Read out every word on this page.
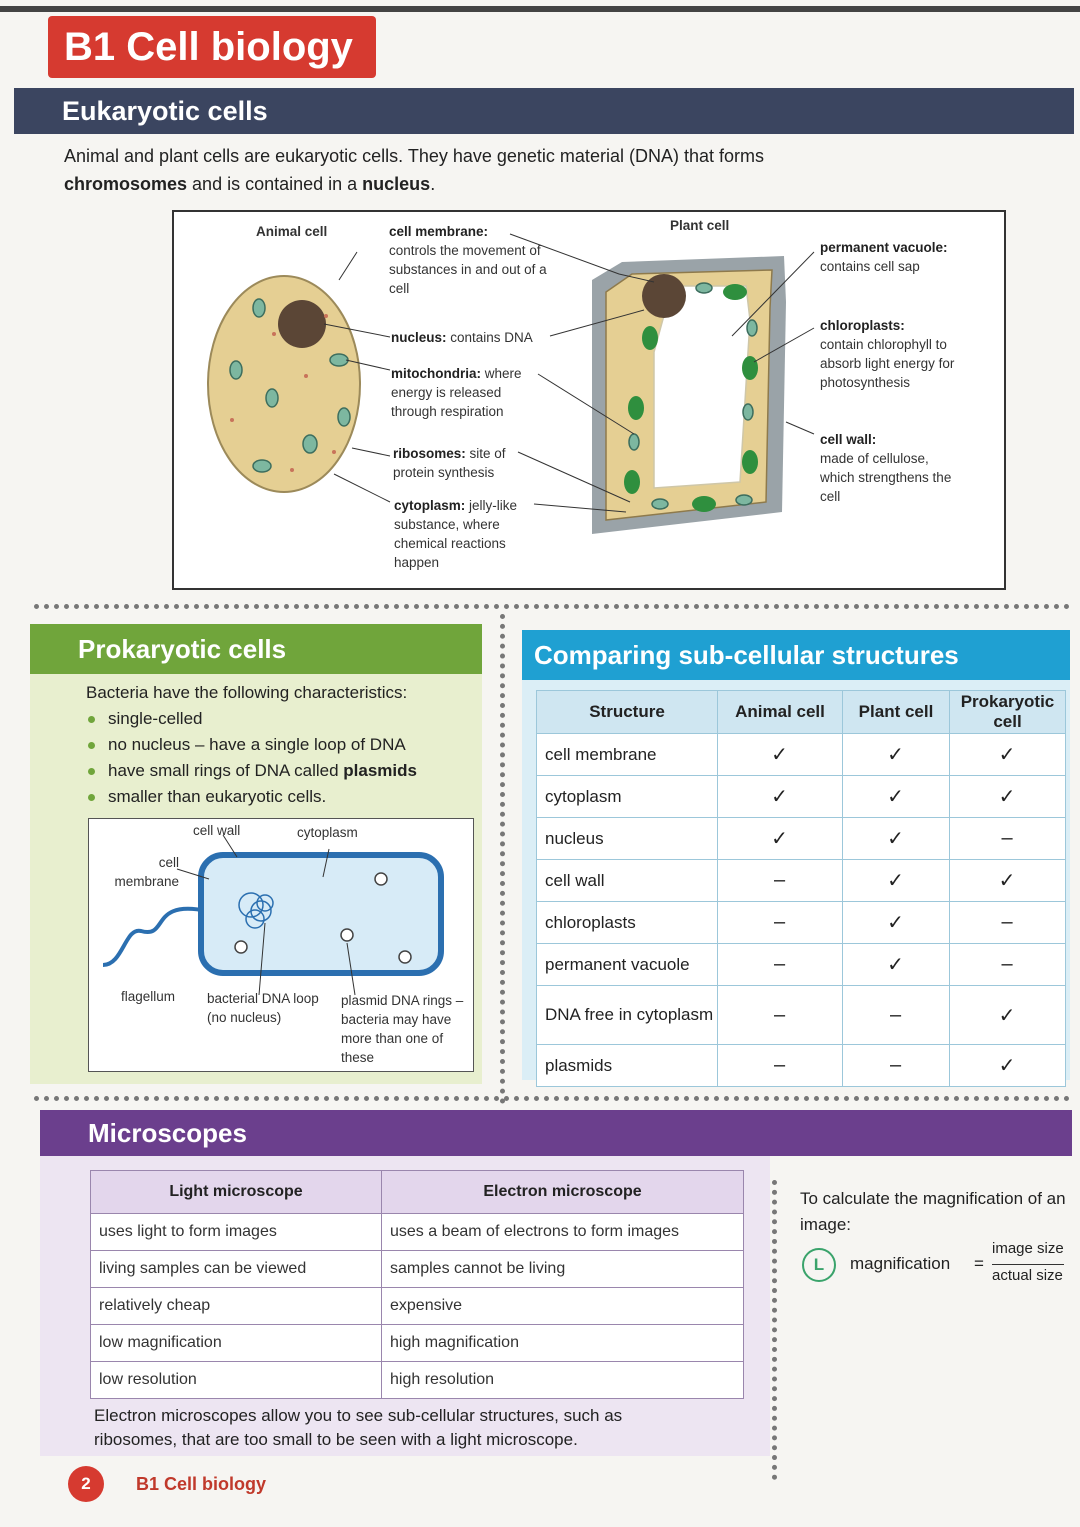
B1 Cell biology
Eukaryotic cells
Animal and plant cells are eukaryotic cells. They have genetic material (DNA) that forms
chromosomes and is contained in a nucleus.
Animal cell	Plant cell
cell membrane:
controls the movement of substances in and out of a cell
nucleus: contains DNA
mitochondria: where energy is released through respiration
ribosomes: site of protein synthesis
cytoplasm: jelly-like substance, where chemical reactions happen
permanent vacuole:
contains cell sap
chloroplasts:
contain chlorophyll to absorb light energy for photosynthesis
cell wall:
made of cellulose, which strengthens the cell
Prokaryotic cells
Bacteria have the following characteristics:
single-celled
no nucleus – have a single loop of DNA
have small rings of DNA called plasmids
smaller than eukaryotic cells.
cell wall	cytoplasm
cell membrane
flagellum bacterial DNA loop (no nucleus)
plasmid DNA rings – bacteria may have more than one of these
Comparing sub-cellular structures
Structure	Animal cell	Plant cell	Prokaryotic cell
cell membrane	✓	✓	✓
cytoplasm	✓	✓	✓
nucleus	✓	✓	–
cell wall	–	✓	✓
chloroplasts	–	✓	–
permanent vacuole	–	✓	–
DNA free in cytoplasm	–	–	✓
plasmids	–	–	✓
Microscopes
Light microscope	Electron microscope
uses light to form images	uses a beam of electrons to form images
living samples can be viewed	samples cannot be living
relatively cheap	expensive
low magnification	high magnification
low resolution	high resolution
Electron microscopes allow you to see sub-cellular structures, such as ribosomes, that are too small to be seen with a light microscope.
To calculate the magnification of an image:
L	magnification =
image size
actual size
2	B1 Cell biology
